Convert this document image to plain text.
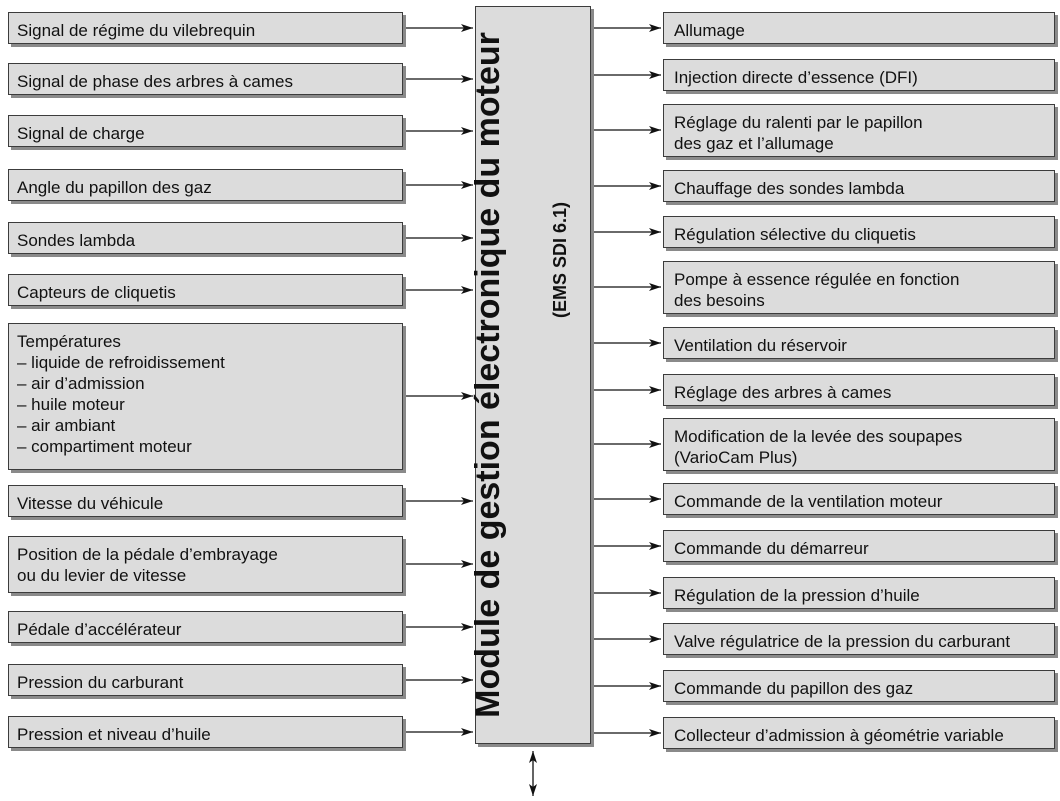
Module de gestion électronique du moteur (EMS SDI 6.1)
Signal de régime du vilebrequin
Signal de phase des arbres à cames
Signal de charge
Angle du papillon des gaz
Sondes lambda
Capteurs de cliquetis
Températures
– liquide de refroidissement
– air d’admission
– huile moteur
– air ambiant
– compartiment moteur
Vitesse du véhicule
Position de la pédale d’embrayage
ou du levier de vitesse
Pédale d’accélérateur
Pression du carburant
Pression et niveau d’huile
Allumage
Injection directe d’essence (DFI)
Réglage du ralenti par le papillon
des gaz et l’allumage
Chauffage des sondes lambda
Régulation sélective du cliquetis
Pompe à essence régulée en fonction
des besoins
Ventilation du réservoir
Réglage des arbres à cames
Modification de la levée des soupapes
(VarioCam Plus)
Commande de la ventilation moteur
Commande du démarreur
Régulation de la pression d’huile
Valve régulatrice de la pression du carburant
Commande du papillon des gaz
Collecteur d’admission à géométrie variable
